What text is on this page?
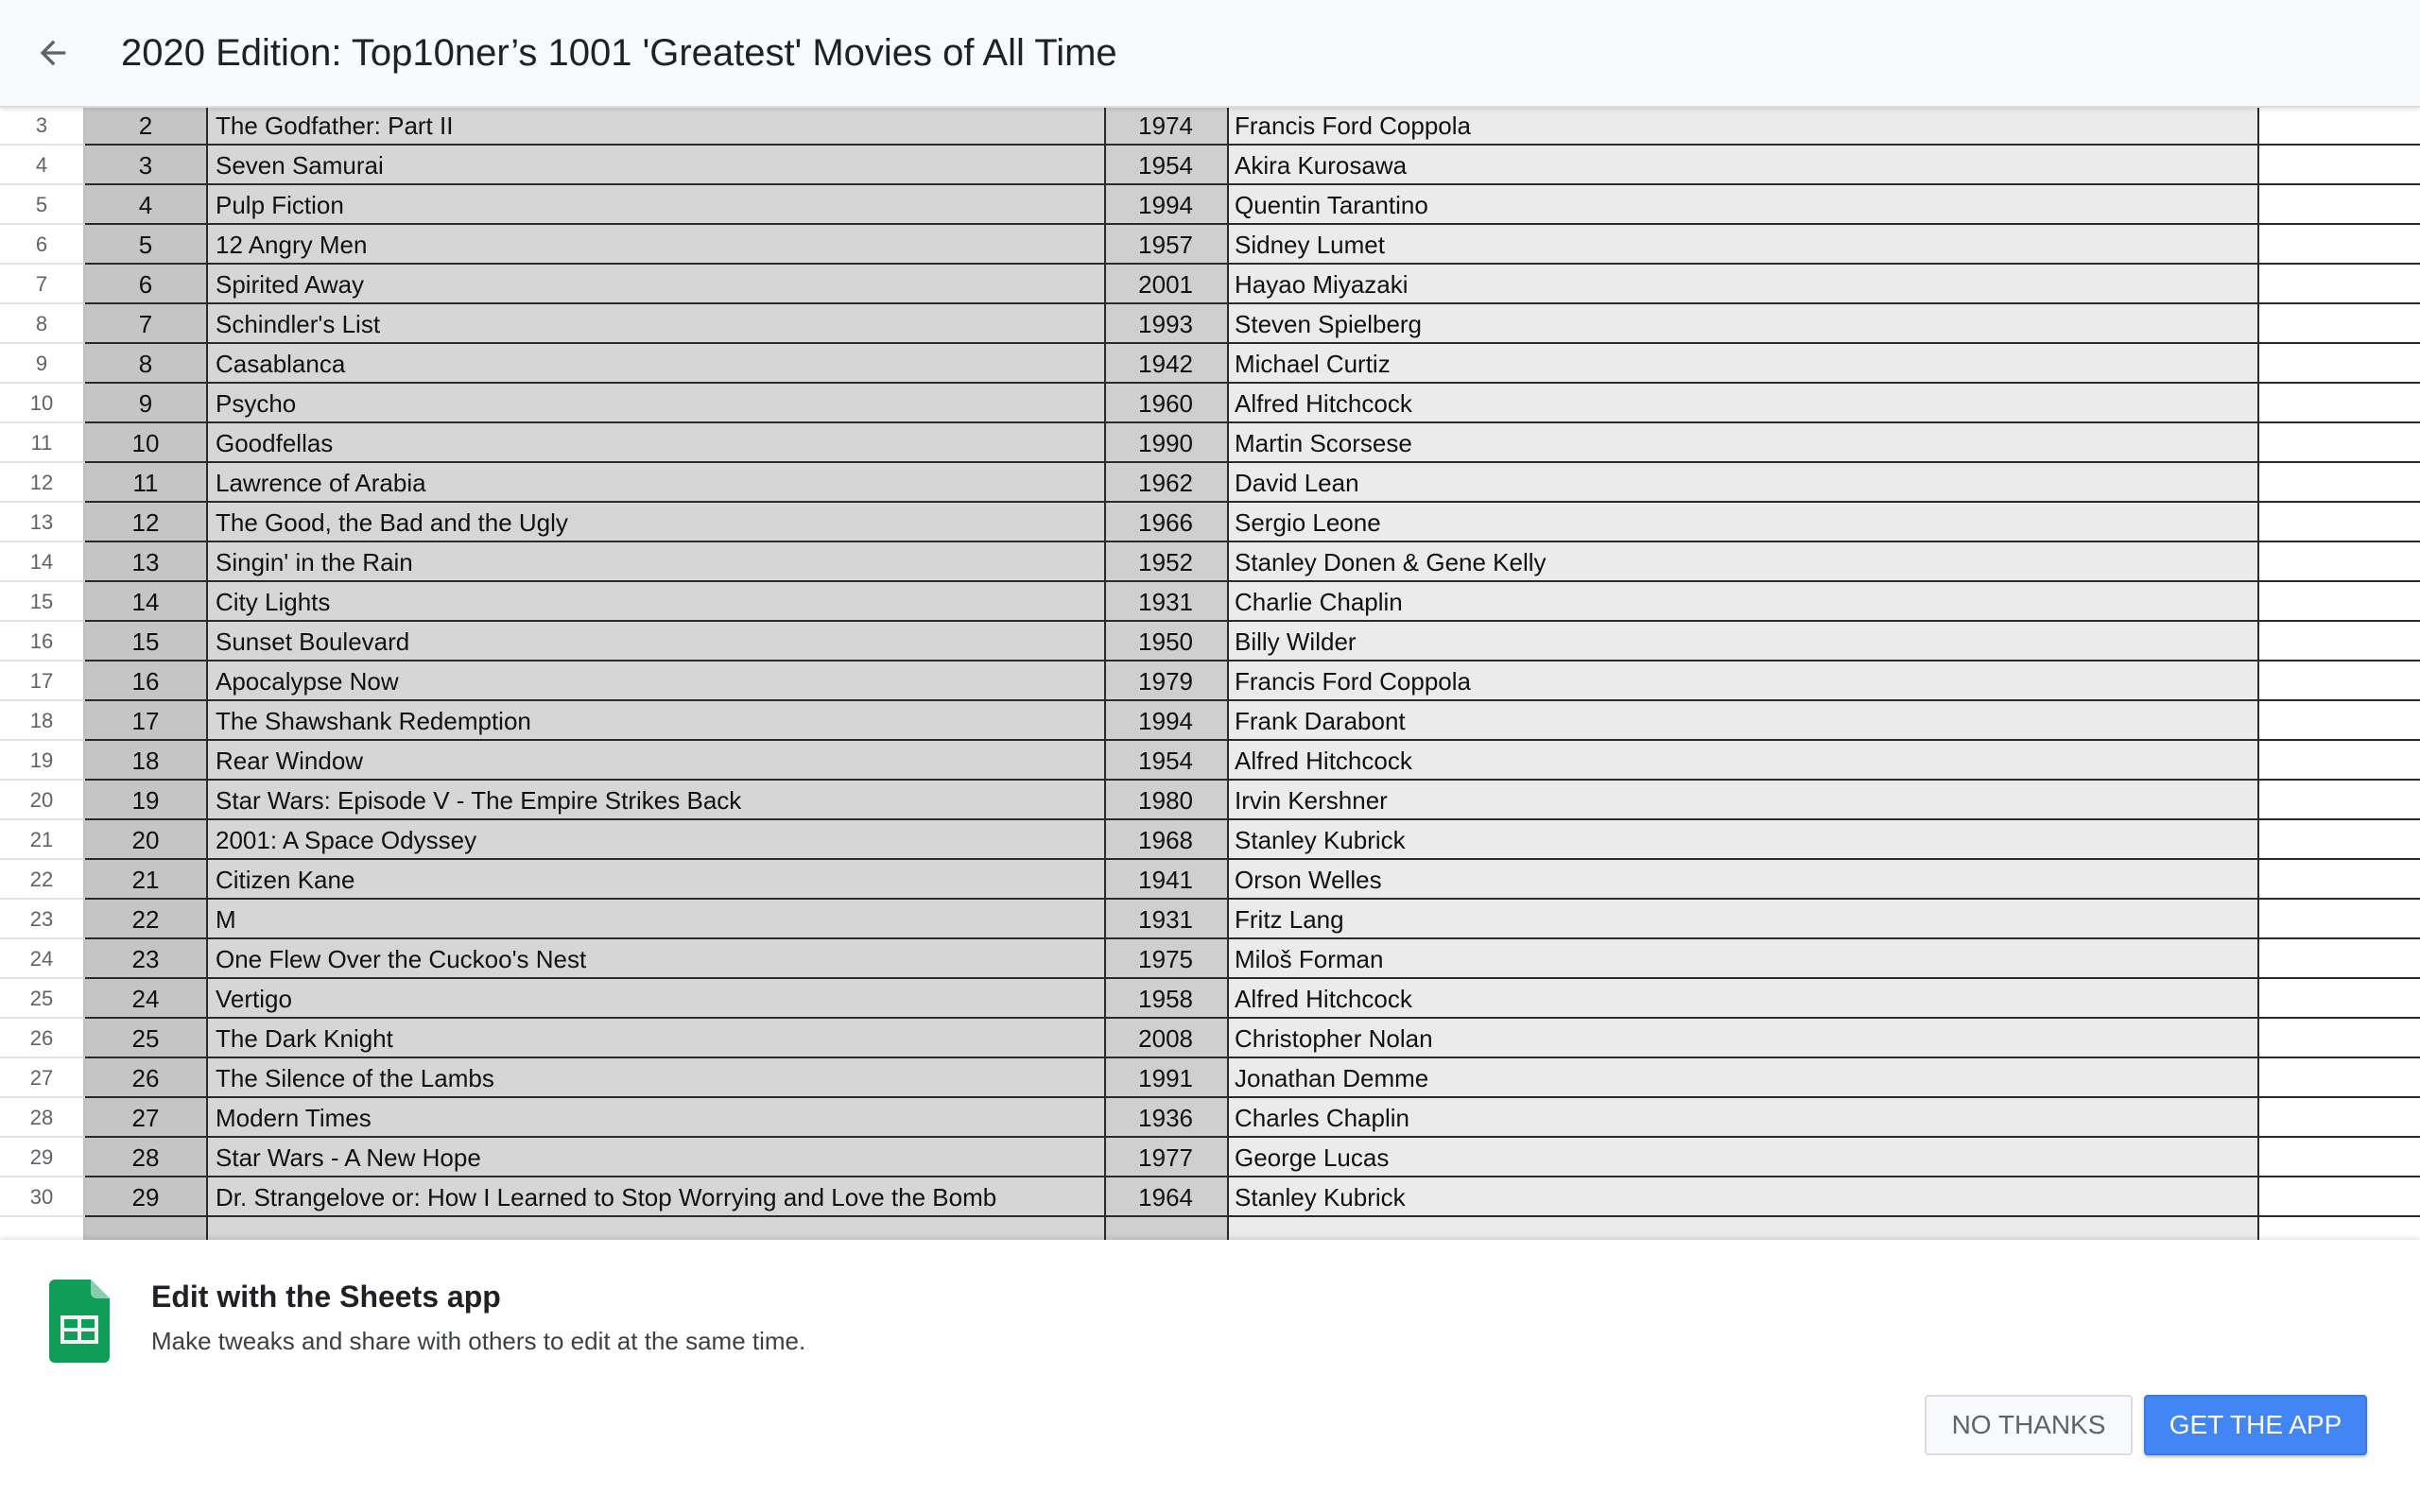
2020 Edition: Top10ner’s 1001 'Greatest' Movies of All Time
3	2	The Godfather: Part II	1974	Francis Ford Coppola
4	3	Seven Samurai	1954	Akira Kurosawa
5	4	Pulp Fiction	1994	Quentin Tarantino
6	5	12 Angry Men	1957	Sidney Lumet
7	6	Spirited Away	2001	Hayao Miyazaki
8	7	Schindler's List	1993	Steven Spielberg
9	8	Casablanca	1942	Michael Curtiz
10	9	Psycho	1960	Alfred Hitchcock
11	10	Goodfellas	1990	Martin Scorsese
12	11	Lawrence of Arabia	1962	David Lean
13	12	The Good, the Bad and the Ugly	1966	Sergio Leone
14	13	Singin' in the Rain	1952	Stanley Donen & Gene Kelly
15	14	City Lights	1931	Charlie Chaplin
16	15	Sunset Boulevard	1950	Billy Wilder
17	16	Apocalypse Now	1979	Francis Ford Coppola
18	17	The Shawshank Redemption	1994	Frank Darabont
19	18	Rear Window	1954	Alfred Hitchcock
20	19	Star Wars: Episode V - The Empire Strikes Back	1980	Irvin Kershner
21	20	2001: A Space Odyssey	1968	Stanley Kubrick
22	21	Citizen Kane	1941	Orson Welles
23	22	M	1931	Fritz Lang
24	23	One Flew Over the Cuckoo's Nest	1975	Miloš Forman
25	24	Vertigo	1958	Alfred Hitchcock
26	25	The Dark Knight	2008	Christopher Nolan
27	26	The Silence of the Lambs	1991	Jonathan Demme
28	27	Modern Times	1936	Charles Chaplin
29	28	Star Wars - A New Hope	1977	George Lucas
30	29	Dr. Strangelove or: How I Learned to Stop Worrying and Love the Bomb	1964	Stanley Kubrick
Edit with the Sheets app
Make tweaks and share with others to edit at the same time.
NO THANKS	GET THE APP
